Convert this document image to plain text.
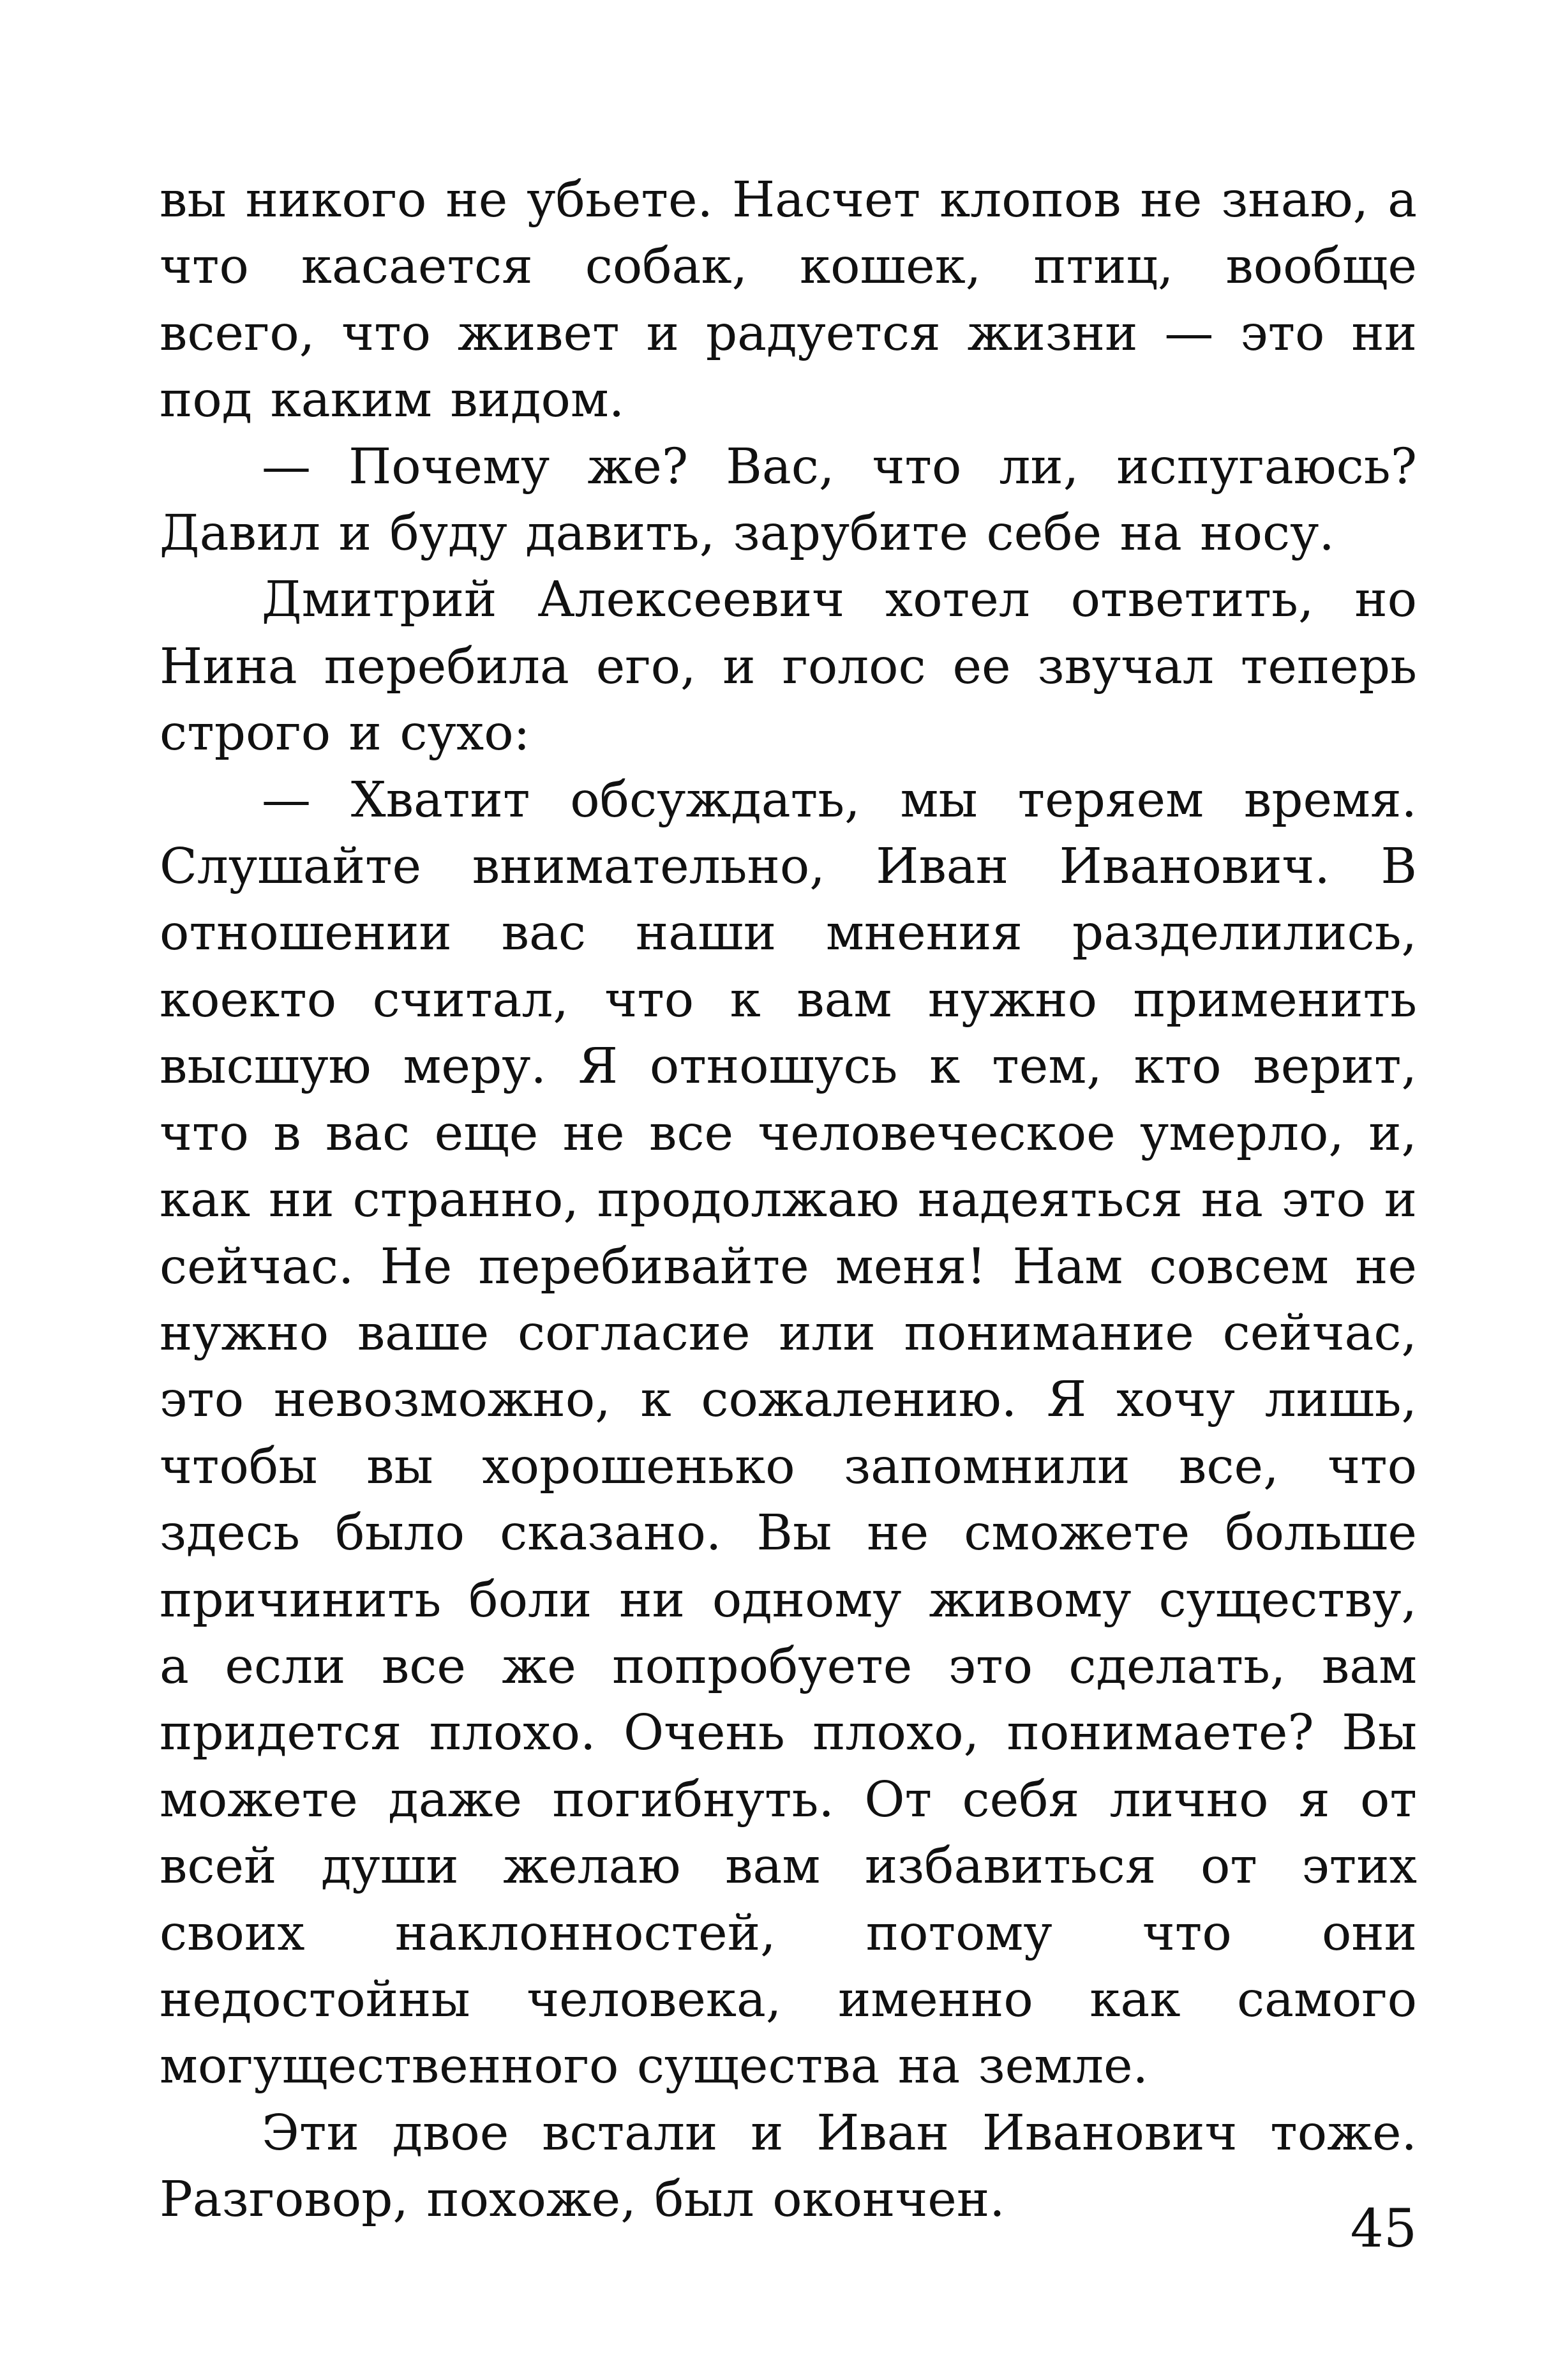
вы никого не убьете. Насчет клопов не знаю, а что касается собак, кошек, птиц, вообще всего, что живет и радуется жизни — это ни под каким видом.

— Почему же? Вас, что ли, испугаюсь? Давил и буду давить, зарубите себе на носу.

Дмитрий Алексеевич хотел ответить, но Нина перебила его, и голос ее звучал теперь строго и сухо:

— Хватит обсуждать, мы теряем время. Слушайте внимательно, Иван Иванович. В отношении вас наши мнения разделились, коекто считал, что к вам нужно применить высшую меру. Я отношусь к тем, кто верит, что в вас еще не все человеческое умерло, и, как ни странно, продолжаю надеяться на это и сейчас. Не перебивайте меня! Нам совсем не нужно ваше согласие или понимание сейчас, это невозможно, к сожалению. Я хочу лишь, чтобы вы хорошенько запомнили все, что здесь было сказано. Вы не сможете больше причинить боли ни одному живому существу, а если все же попробуете это сделать, вам придется плохо. Очень плохо, понимаете? Вы можете даже погибнуть. От себя лично я от всей души желаю вам избавиться от этих своих наклонностей, потому что они недостойны человека, именно как самого могущественного существа на земле.

Эти двое встали и Иван Иванович тоже. Разговор, похоже, был окончен.	45
